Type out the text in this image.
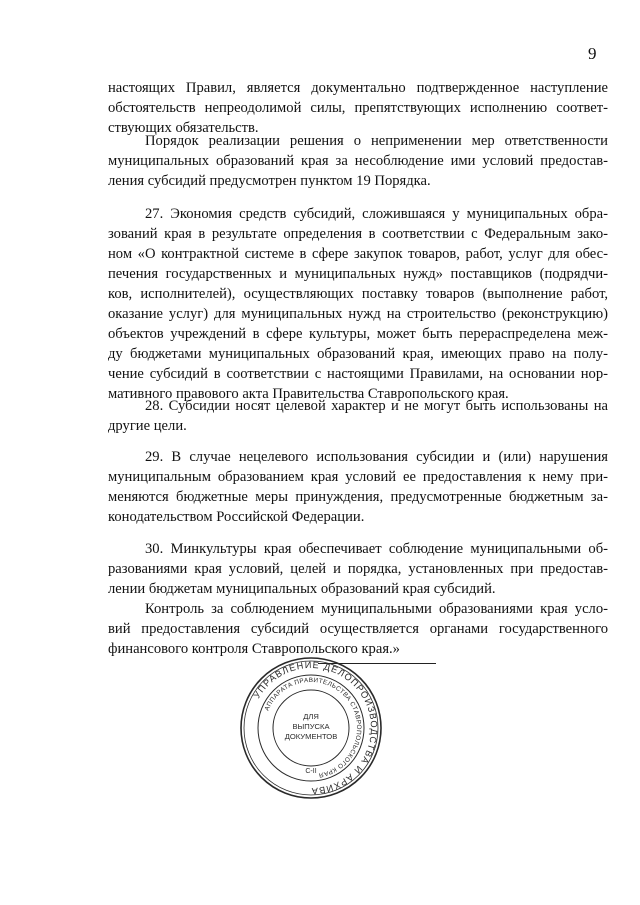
9
настоящих Правил, является документально подтвержденное наступление
обстоятельств непреодолимой силы, препятствующих исполнению соответ-
ствующих обязательств.
Порядок реализации решения о неприменении мер ответственности
муниципальных образований края за несоблюдение ими условий предостав-
ления субсидий предусмотрен пунктом 19 Порядка.
27. Экономия средств субсидий, сложившаяся у муниципальных обра-
зований края в результате определения в соответствии с Федеральным зако-
ном «О контрактной системе в сфере закупок товаров, работ, услуг для обес-
печения государственных и муниципальных нужд» поставщиков (подрядчи-
ков, исполнителей), осуществляющих поставку товаров (выполнение работ,
оказание услуг) для муниципальных нужд на строительство (реконструкцию)
объектов учреждений в сфере культуры, может быть перераспределена меж-
ду бюджетами муниципальных образований края, имеющих право на полу-
чение субсидий в соответствии с настоящими Правилами, на основании нор-
мативного правового акта Правительства Ставропольского края.
28. Субсидии носят целевой характер и не могут быть использованы на
другие цели.
29. В случае нецелевого использования субсидии и (или) нарушения
муниципальным образованием края условий ее предоставления к нему при-
меняются бюджетные меры принуждения, предусмотренные бюджетным за-
конодательством Российской Федерации.
30. Минкультуры края обеспечивает соблюдение муниципальными об-
разованиями края условий, целей и порядка, установленных при предостав-
лении бюджетам муниципальных образований края субсидий.
Контроль за соблюдением муниципальными образованиями края усло-
вий предоставления субсидий осуществляется органами государственного
финансового контроля Ставропольского края.»
УПРАВЛЕНИЕ ДЕЛОПРОИЗВОДСТВА И АРХИВА
АППАРАТА ПРАВИТЕЛЬСТВА СТАВРОПОЛЬСКОГО КРАЯ
ДЛЯ
ВЫПУСКА
ДОКУМЕНТОВ
С-II
